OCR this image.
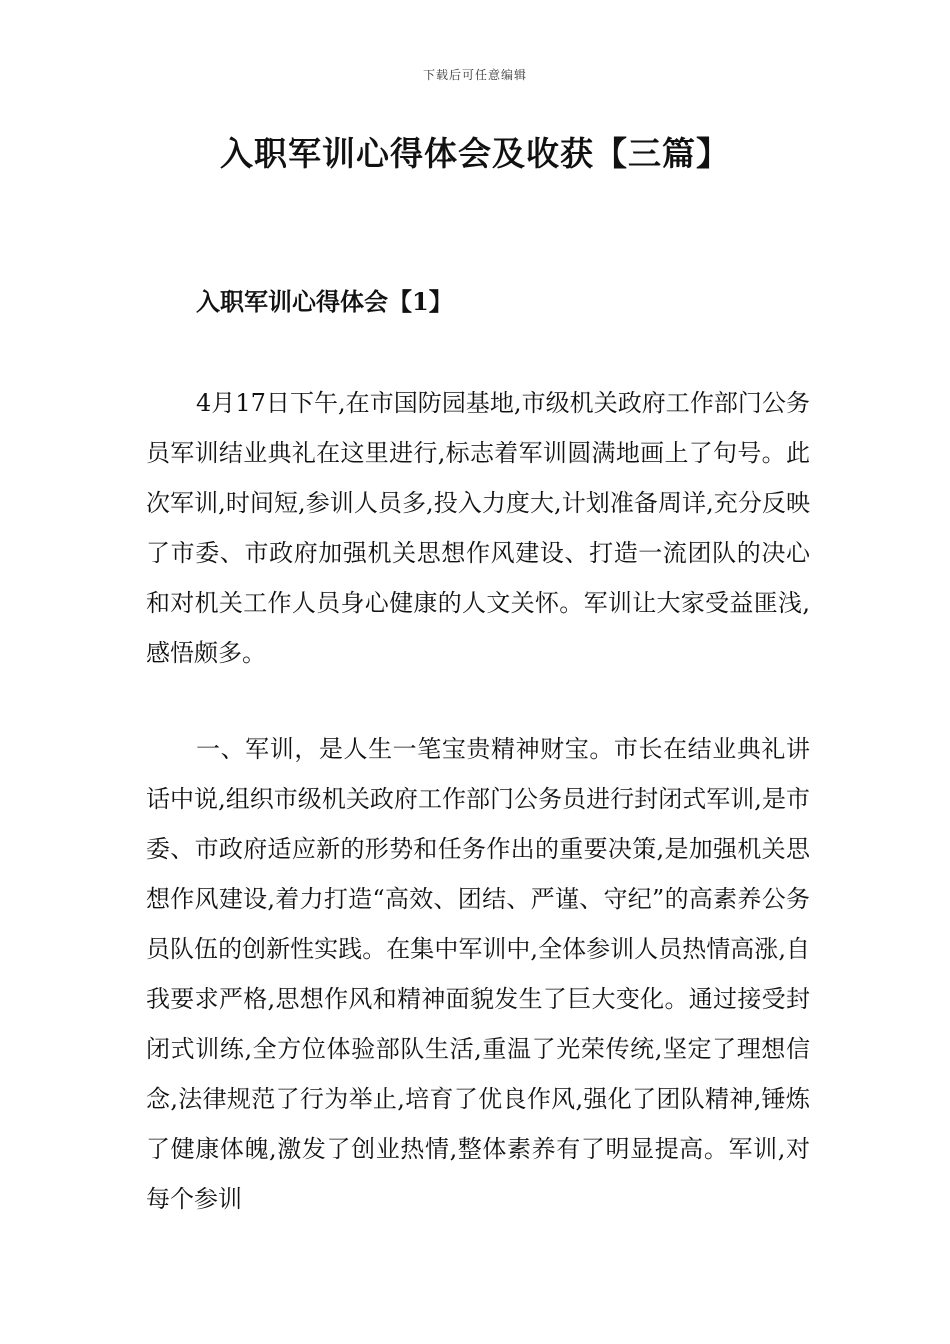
下载后可任意编辑
入职军训心得体会及收获【三篇】
入职军训心得体会【1】

4月17日下午,在市国防园基地,市级机关政府工作部门公务员军训结业典礼在这里进行,标志着军训圆满地画上了句号。此次军训,时间短,参训人员多,投入力度大,计划准备周详,充分反映了市委、市政府加强机关思想作风建设、打造一流团队的决心和对机关工作人员身心健康的人文关怀。军训让大家受益匪浅,感悟颇多。

一、军训，是人生一笔宝贵精神财宝。市长在结业典礼讲话中说,组织市级机关政府工作部门公务员进行封闭式军训,是市委、市政府适应新的形势和任务作出的重要决策,是加强机关思想作风建设,着力打造“高效、团结、严谨、守纪”的高素养公务员队伍的创新性实践。在集中军训中,全体参训人员热情高涨,自我要求严格,思想作风和精神面貌发生了巨大变化。通过接受封闭式训练,全方位体验部队生活,重温了光荣传统,坚定了理想信念,法律规范了行为举止,培育了优良作风,强化了团队精神,锤炼了健康体魄,激发了创业热情,整体素养有了明显提高。军训,对每个参训
